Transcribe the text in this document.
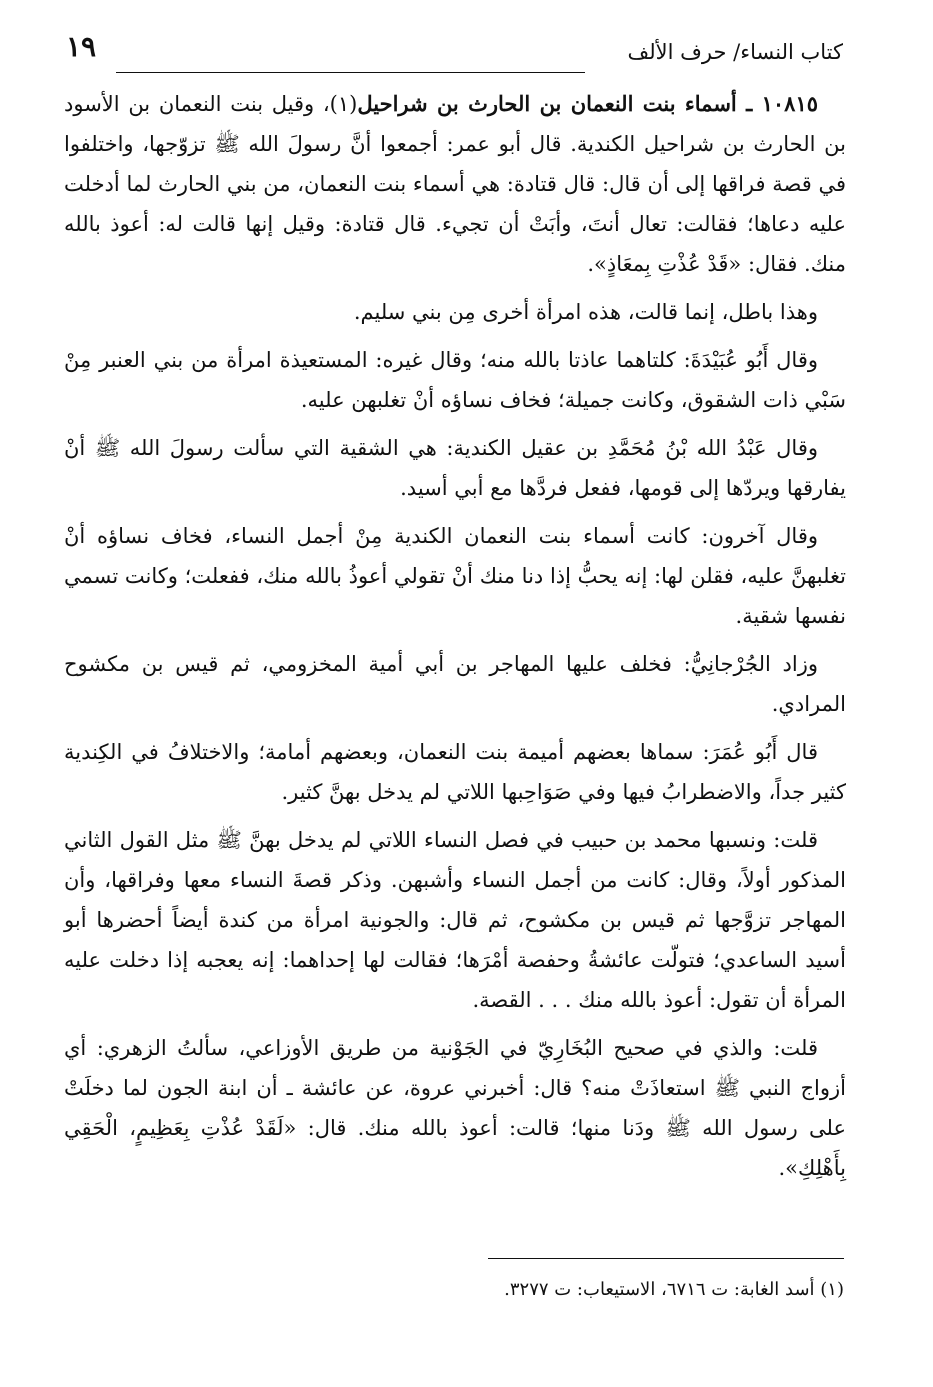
كتاب النساء/ حرف الألف
١٩

١٠٨١٥ ـ أسماء بنت النعمان بن الحارث بن شراحيل(١)، وقيل بنت النعمان بن الأسود بن الحارث بن شراحيل الكندية. قال أبو عمر: أجمعوا أنَّ رسولَ الله ﷺ تزوّجها، واختلفوا في قصة فراقها إلى أن قال: قال قتادة: هي أسماء بنت النعمان، من بني الحارث لما أدخلت عليه دعاها؛ فقالت: تعال أنتَ، وأبَتْ أن تجيء. قال قتادة: وقيل إنها قالت له: أعوذ بالله منك. فقال: «قَدْ عُذْتِ بِمعَاذٍ».

وهذا باطل، إنما قالت، هذه امرأة أخرى مِن بني سليم.

وقال أَبُو عُبَيْدَةَ: كلتاهما عاذتا بالله منه؛ وقال غيره: المستعيذة امرأة من بني العنبر مِنْ سَبْي ذات الشقوق، وكانت جميلة؛ فخاف نساؤه أنْ تغلبهن عليه.

وقال عَبْدُ الله بْنُ مُحَمَّدِ بن عقيل الكندية: هي الشقية التي سألت رسولَ الله ﷺ أنْ يفارقها ويردّها إلى قومها، ففعل فردَّها مع أبي أسيد.

وقال آخرون: كانت أسماء بنت النعمان الكندية مِنْ أجمل النساء، فخاف نساؤه أنْ تغلبهنَّ عليه، فقلن لها: إنه يحبُّ إذا دنا منك أنْ تقولي أعوذُ بالله منك، ففعلت؛ وكانت تسمي نفسها شقية.

وزاد الجُرْجانِيُّ: فخلف عليها المهاجر بن أبي أمية المخزومي، ثم قيس بن مكشوح المرادي.

قال أَبُو عُمَرَ: سماها بعضهم أميمة بنت النعمان، وبعضهم أمامة؛ والاختلافُ في الكِندية كثير جداً، والاضطرابُ فيها وفي صَوَاحِبها اللاتي لم يدخل بهنَّ كثير.

قلت: ونسبها محمد بن حبيب في فصل النساء اللاتي لم يدخل بهنَّ ﷺ مثل القول الثاني المذكور أولاً، وقال: كانت من أجمل النساء وأشبهن. وذكر قصةَ النساء معها وفراقها، وأن المهاجر تزوَّجها ثم قيس بن مكشوح، ثم قال: والجونية امرأة من كندة أيضاً أحضرها أبو أسيد الساعدي؛ فتولّت عائشةُ وحفصة أمْرَها؛ فقالت لها إحداهما: إنه يعجبه إذا دخلت عليه المرأة أن تقول: أعوذ بالله منك . . . القصة.

قلت: والذي في صحيح البُخَارِيّ في الجَوْنية من طريق الأوزاعي، سألتُ الزهري: أي أزواج النبي ﷺ استعاذَتْ منه؟ قال: أخبرني عروة، عن عائشة ـ أن ابنة الجون لما دخلَتْ على رسول الله ﷺ ودَنا منها؛ قالت: أعوذ بالله منك. قال: «لَقَدْ عُذْتِ بِعَظِيمٍ، الْحَقِي بِأَهْلِكِ».

(١) أسد الغابة: ت ٦٧١٦، الاستيعاب: ت ٣٢٧٧.
